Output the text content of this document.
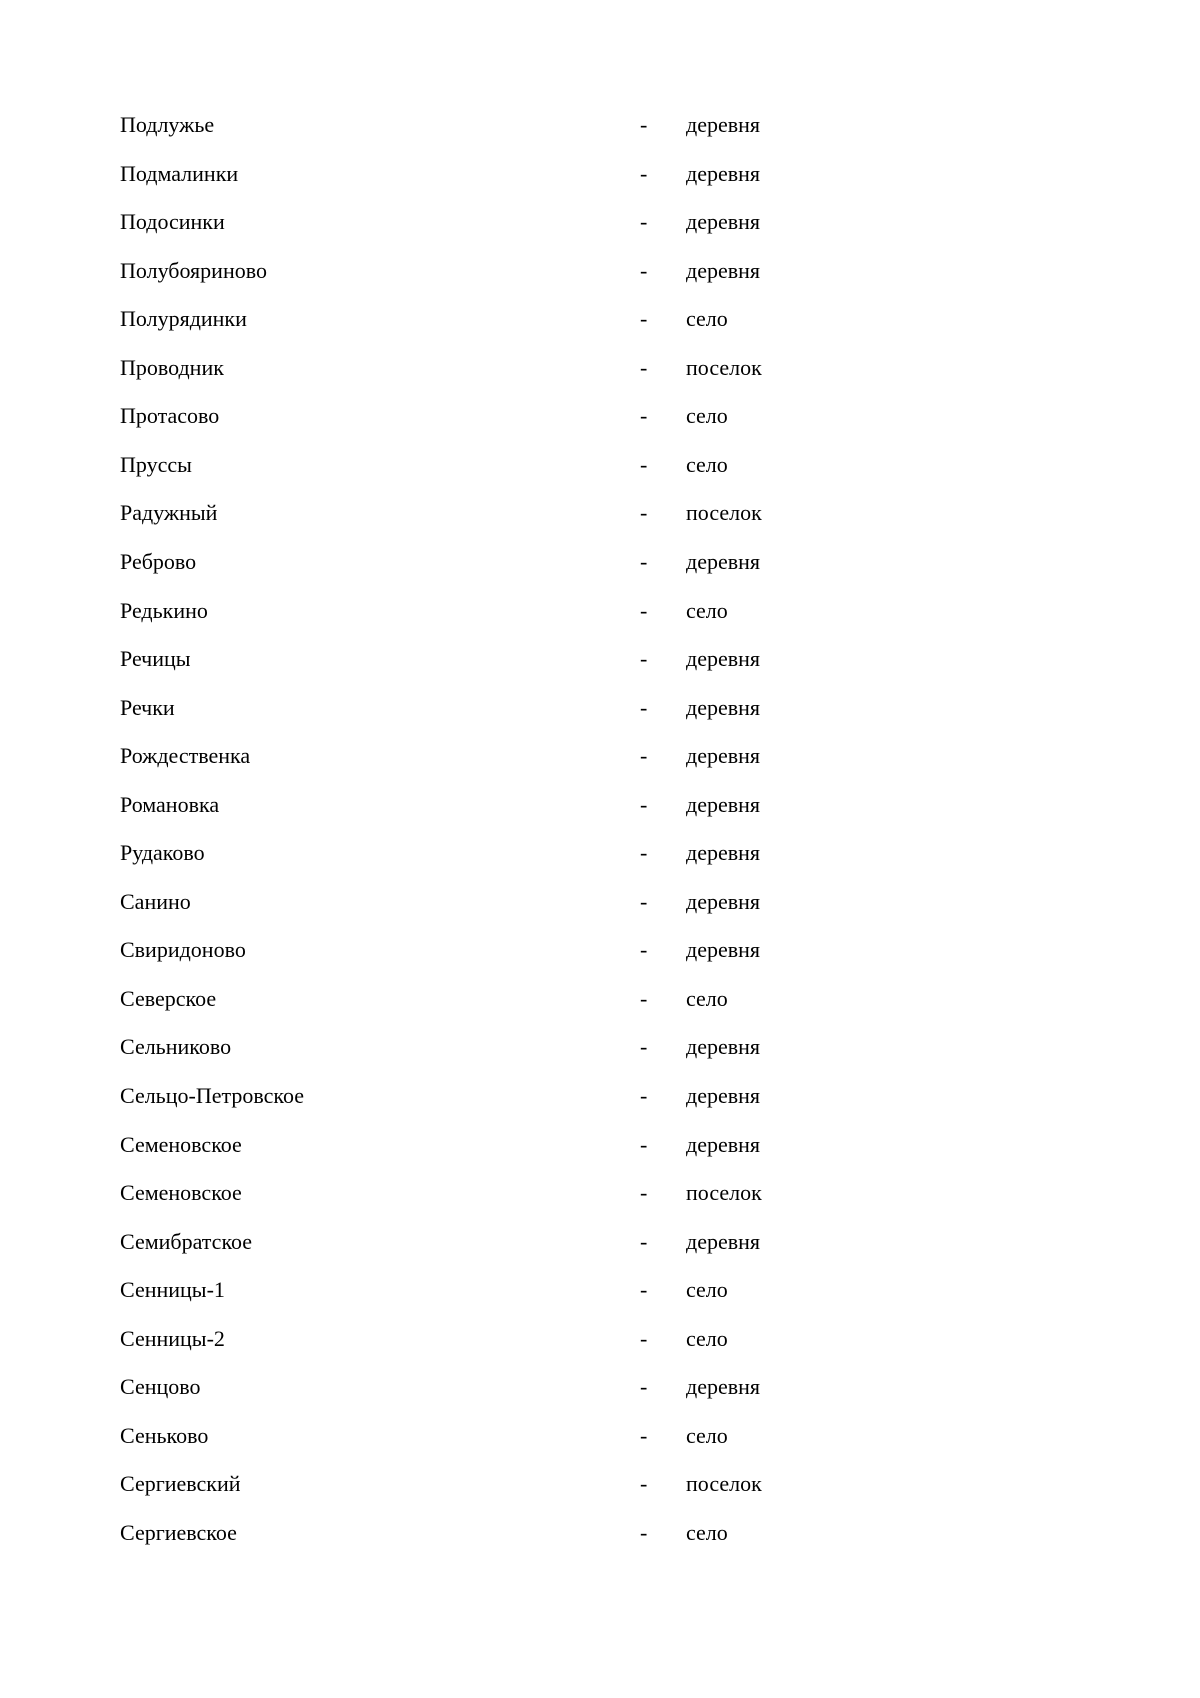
Подлужье	- деревня
Подмалинки	- деревня
Подосинки	- деревня
Полубояриново	- деревня
Полурядинки	- село
Проводник	- поселок
Протасово	- село
Пруссы	- село
Радужный	- поселок
Реброво	- деревня
Редькино	- село
Речицы	- деревня
Речки	- деревня
Рождественка	- деревня
Романовка	- деревня
Рудаково	- деревня
Санино	- деревня
Свиридоново	- деревня
Северское	- село
Сельниково	- деревня
Сельцо-Петровское	- деревня
Семеновское	- деревня
Семеновское	- поселок
Семибратское	- деревня
Сенницы-1	- село
Сенницы-2	- село
Сенцово	- деревня
Сеньково	- село
Сергиевский	- поселок
Сергиевское	- село
